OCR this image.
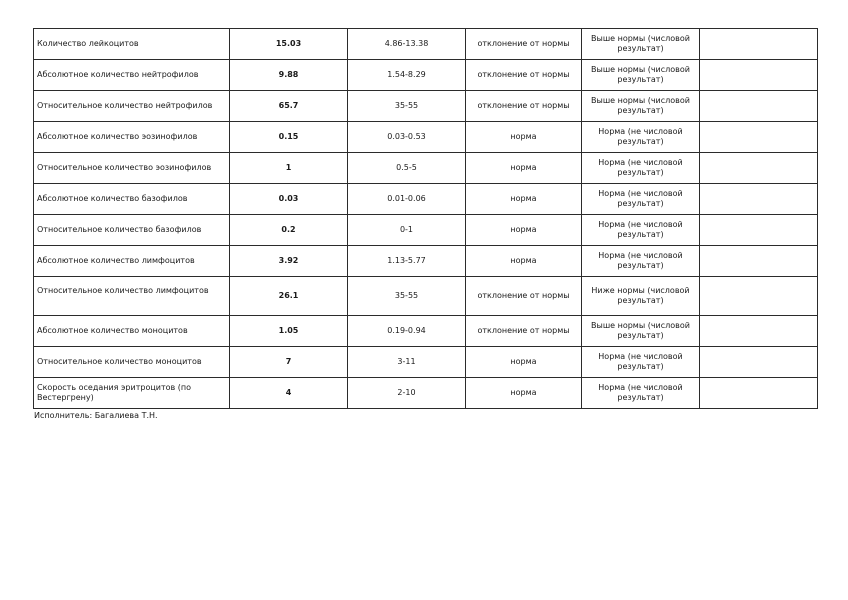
Количество лейкоцитов	15.03	4.86-13.38	отклонение от нормы	Выше нормы (числовой результат)	
Абсолютное количество нейтрофилов	9.88	1.54-8.29	отклонение от нормы	Выше нормы (числовой результат)	
Относительное количество нейтрофилов	65.7	35-55	отклонение от нормы	Выше нормы (числовой результат)	
Абсолютное количество эозинофилов	0.15	0.03-0.53	норма	Норма (не числовой результат)	
Относительное количество эозинофилов	1	0.5-5	норма	Норма (не числовой результат)	
Абсолютное количество базофилов	0.03	0.01-0.06	норма	Норма (не числовой результат)	
Относительное количество базофилов	0.2	0-1	норма	Норма (не числовой результат)	
Абсолютное количество лимфоцитов	3.92	1.13-5.77	норма	Норма (не числовой результат)	
Относительное количество лимфоцитов	26.1	35-55	отклонение от нормы	Ниже нормы (числовой результат)	
Абсолютное количество моноцитов	1.05	0.19-0.94	отклонение от нормы	Выше нормы (числовой результат)	
Относительное количество моноцитов	7	3-11	норма	Норма (не числовой результат)	
Скорость оседания эритроцитов (по Вестергрену)	4	2-10	норма	Норма (не числовой результат)	
Исполнитель: Багалиева Т.Н.
